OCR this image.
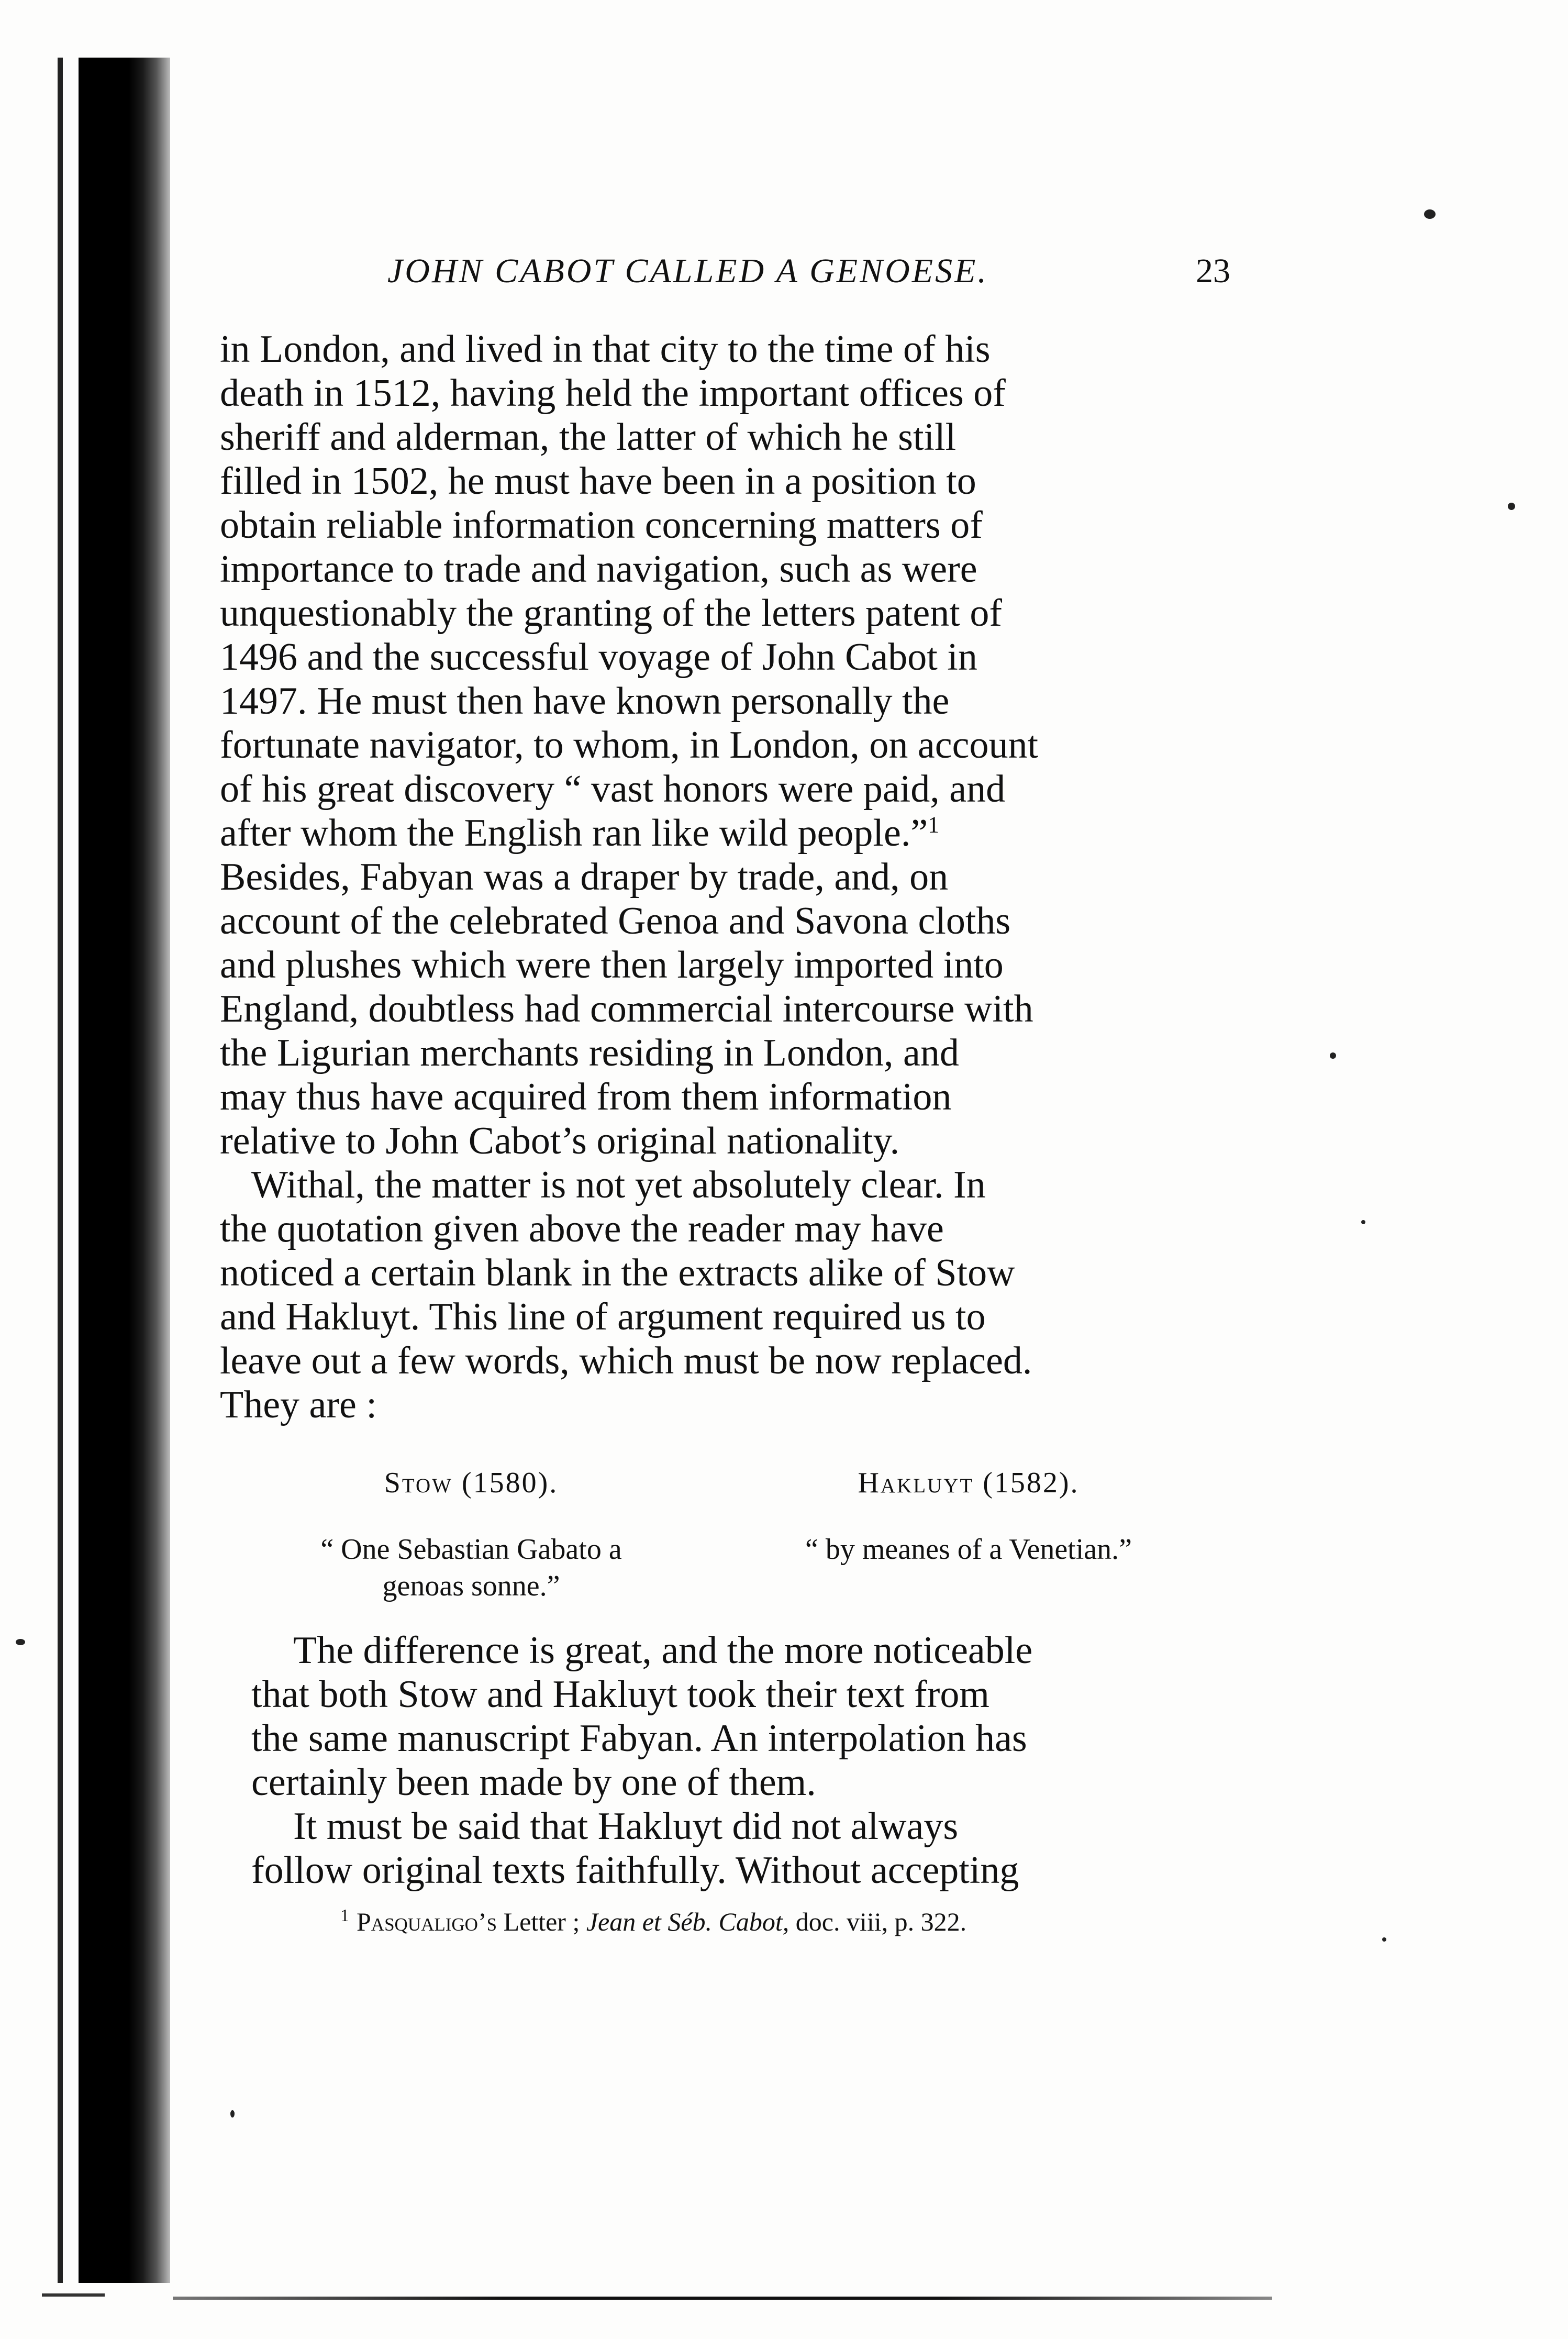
JOHN CABOT CALLED A GENOESE.	23

in London, and lived in that city to the time of his

death in 1512, having held the important offices of

sheriff and alderman, the latter of which he still

filled in 1502, he must have been in a position to

obtain reliable information concerning matters of

importance to trade and navigation, such as were

unquestionably the granting of the letters patent of

1496 and the successful voyage of John Cabot in

1497. He must then have known personally the

fortunate navigator, to whom, in London, on account

of his great discovery “ vast honors were paid, and

after whom the English ran like wild people.”$^1$

Besides, Fabyan was a draper by trade, and, on

account of the celebrated Genoa and Savona cloths

and plushes which were then largely imported into

England, doubtless had commercial intercourse with

the Ligurian merchants residing in London, and

may thus have acquired from them information

relative to John Cabot’s original nationality.

Withal, the matter is not yet absolutely clear. In

the quotation given above the reader may have

noticed a certain blank in the extracts alike of Stow

and Hakluyt. This line of argument required us to

leave out a few words, which must be now replaced.

They are :

Stow (1580).
“ One Sebastian Gabato a
genoas sonne.”
Hakluyt (1582).
“ by meanes of a Venetian.”

The difference is great, and the more noticeable

that both Stow and Hakluyt took their text from

the same manuscript Fabyan. An interpolation has

certainly been made by one of them.

It must be said that Hakluyt did not always

follow original texts faithfully. Without accepting

$^1$ Pasqualigo’s Letter ; Jean et Séb. Cabot, doc. viii, p. 322.
